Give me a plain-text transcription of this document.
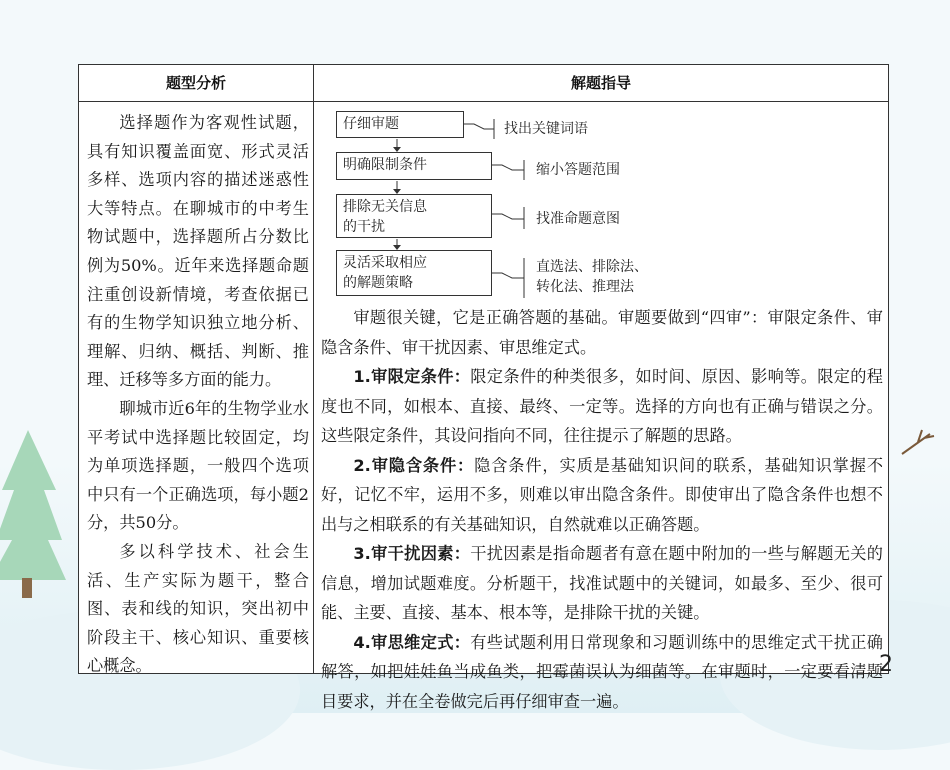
题型分析	解题指导

选择题作为客观性试题，具有知识覆盖面宽、形式灵活多样、选项内容的描述迷惑性大等特点。在聊城市的中考生物试题中，选择题所占分数比例为50%。近年来选择题命题注重创设新情境，考查依据已有的生物学知识独立地分析、理解、归纳、概括、判断、推理、迁移等多方面的能力。

聊城市近6年的生物学业水平考试中选择题比较固定，均为单项选择题，一般四个选项中只有一个正确选项，每小题2分，共50分。

多以科学技术、社会生活、生产实际为题干，整合图、表和线的知识，突出初中阶段主干、核心知识、重要核心概念。

仔细审题
明确限制条件
排除无关信息
的干扰
灵活采取相应
的解题策略
找出关键词语
缩小答题范围
找准命题意图
直选法、排除法、
转化法、推理法

审题很关键，它是正确答题的基础。审题要做到“四审”：审限定条件、审隐含条件、审干扰因素、审思维定式。

1.审限定条件：限定条件的种类很多，如时间、原因、影响等。限定的程度也不同，如根本、直接、最终、一定等。选择的方向也有正确与错误之分。这些限定条件，其设问指向不同，往往提示了解题的思路。

2.审隐含条件：隐含条件，实质是基础知识间的联系，基础知识掌握不好，记忆不牢，运用不多，则难以审出隐含条件。即使审出了隐含条件也想不出与之相联系的有关基础知识，自然就难以正确答题。

3.审干扰因素：干扰因素是指命题者有意在题中附加的一些与解题无关的信息，增加试题难度。分析题干，找准试题中的关键词，如最多、至少、很可能、主要、直接、基本、根本等，是排除干扰的关键。

4.审思维定式：有些试题利用日常现象和习题训练中的思维定式干扰正确解答，如把娃娃鱼当成鱼类，把霉菌误认为细菌等。在审题时，一定要看清题目要求，并在全卷做完后再仔细审查一遍。

2
